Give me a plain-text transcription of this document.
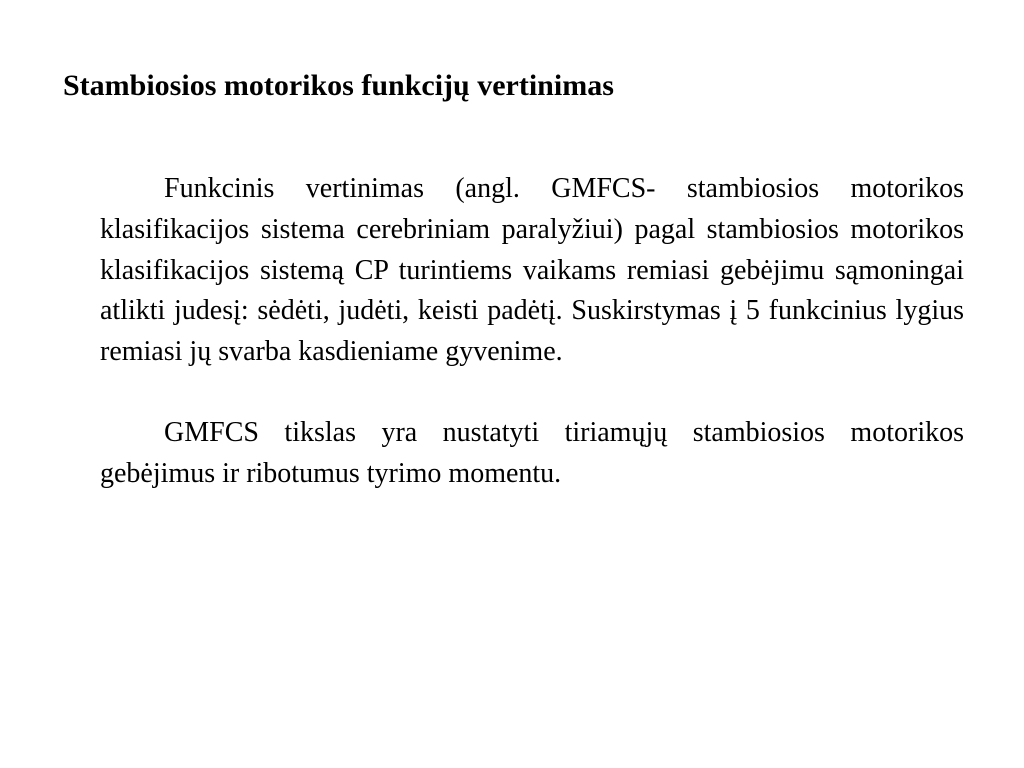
Stambiosios motorikos funkcijų vertinimas

Funkcinis vertinimas (angl. GMFCS- stambiosios motorikos klasifikacijos sistema cerebriniam paralyžiui) pagal stambiosios motorikos klasifikacijos sistemą CP turintiems vaikams remiasi gebėjimu sąmoningai atlikti judesį: sėdėti, judėti, keisti padėtį. Suskirstymas į 5 funkcinius lygius remiasi jų svarba kasdieniame gyvenime.

GMFCS tikslas yra nustatyti tiriamųjų stambiosios motorikos gebėjimus ir ribotumus tyrimo momentu.
